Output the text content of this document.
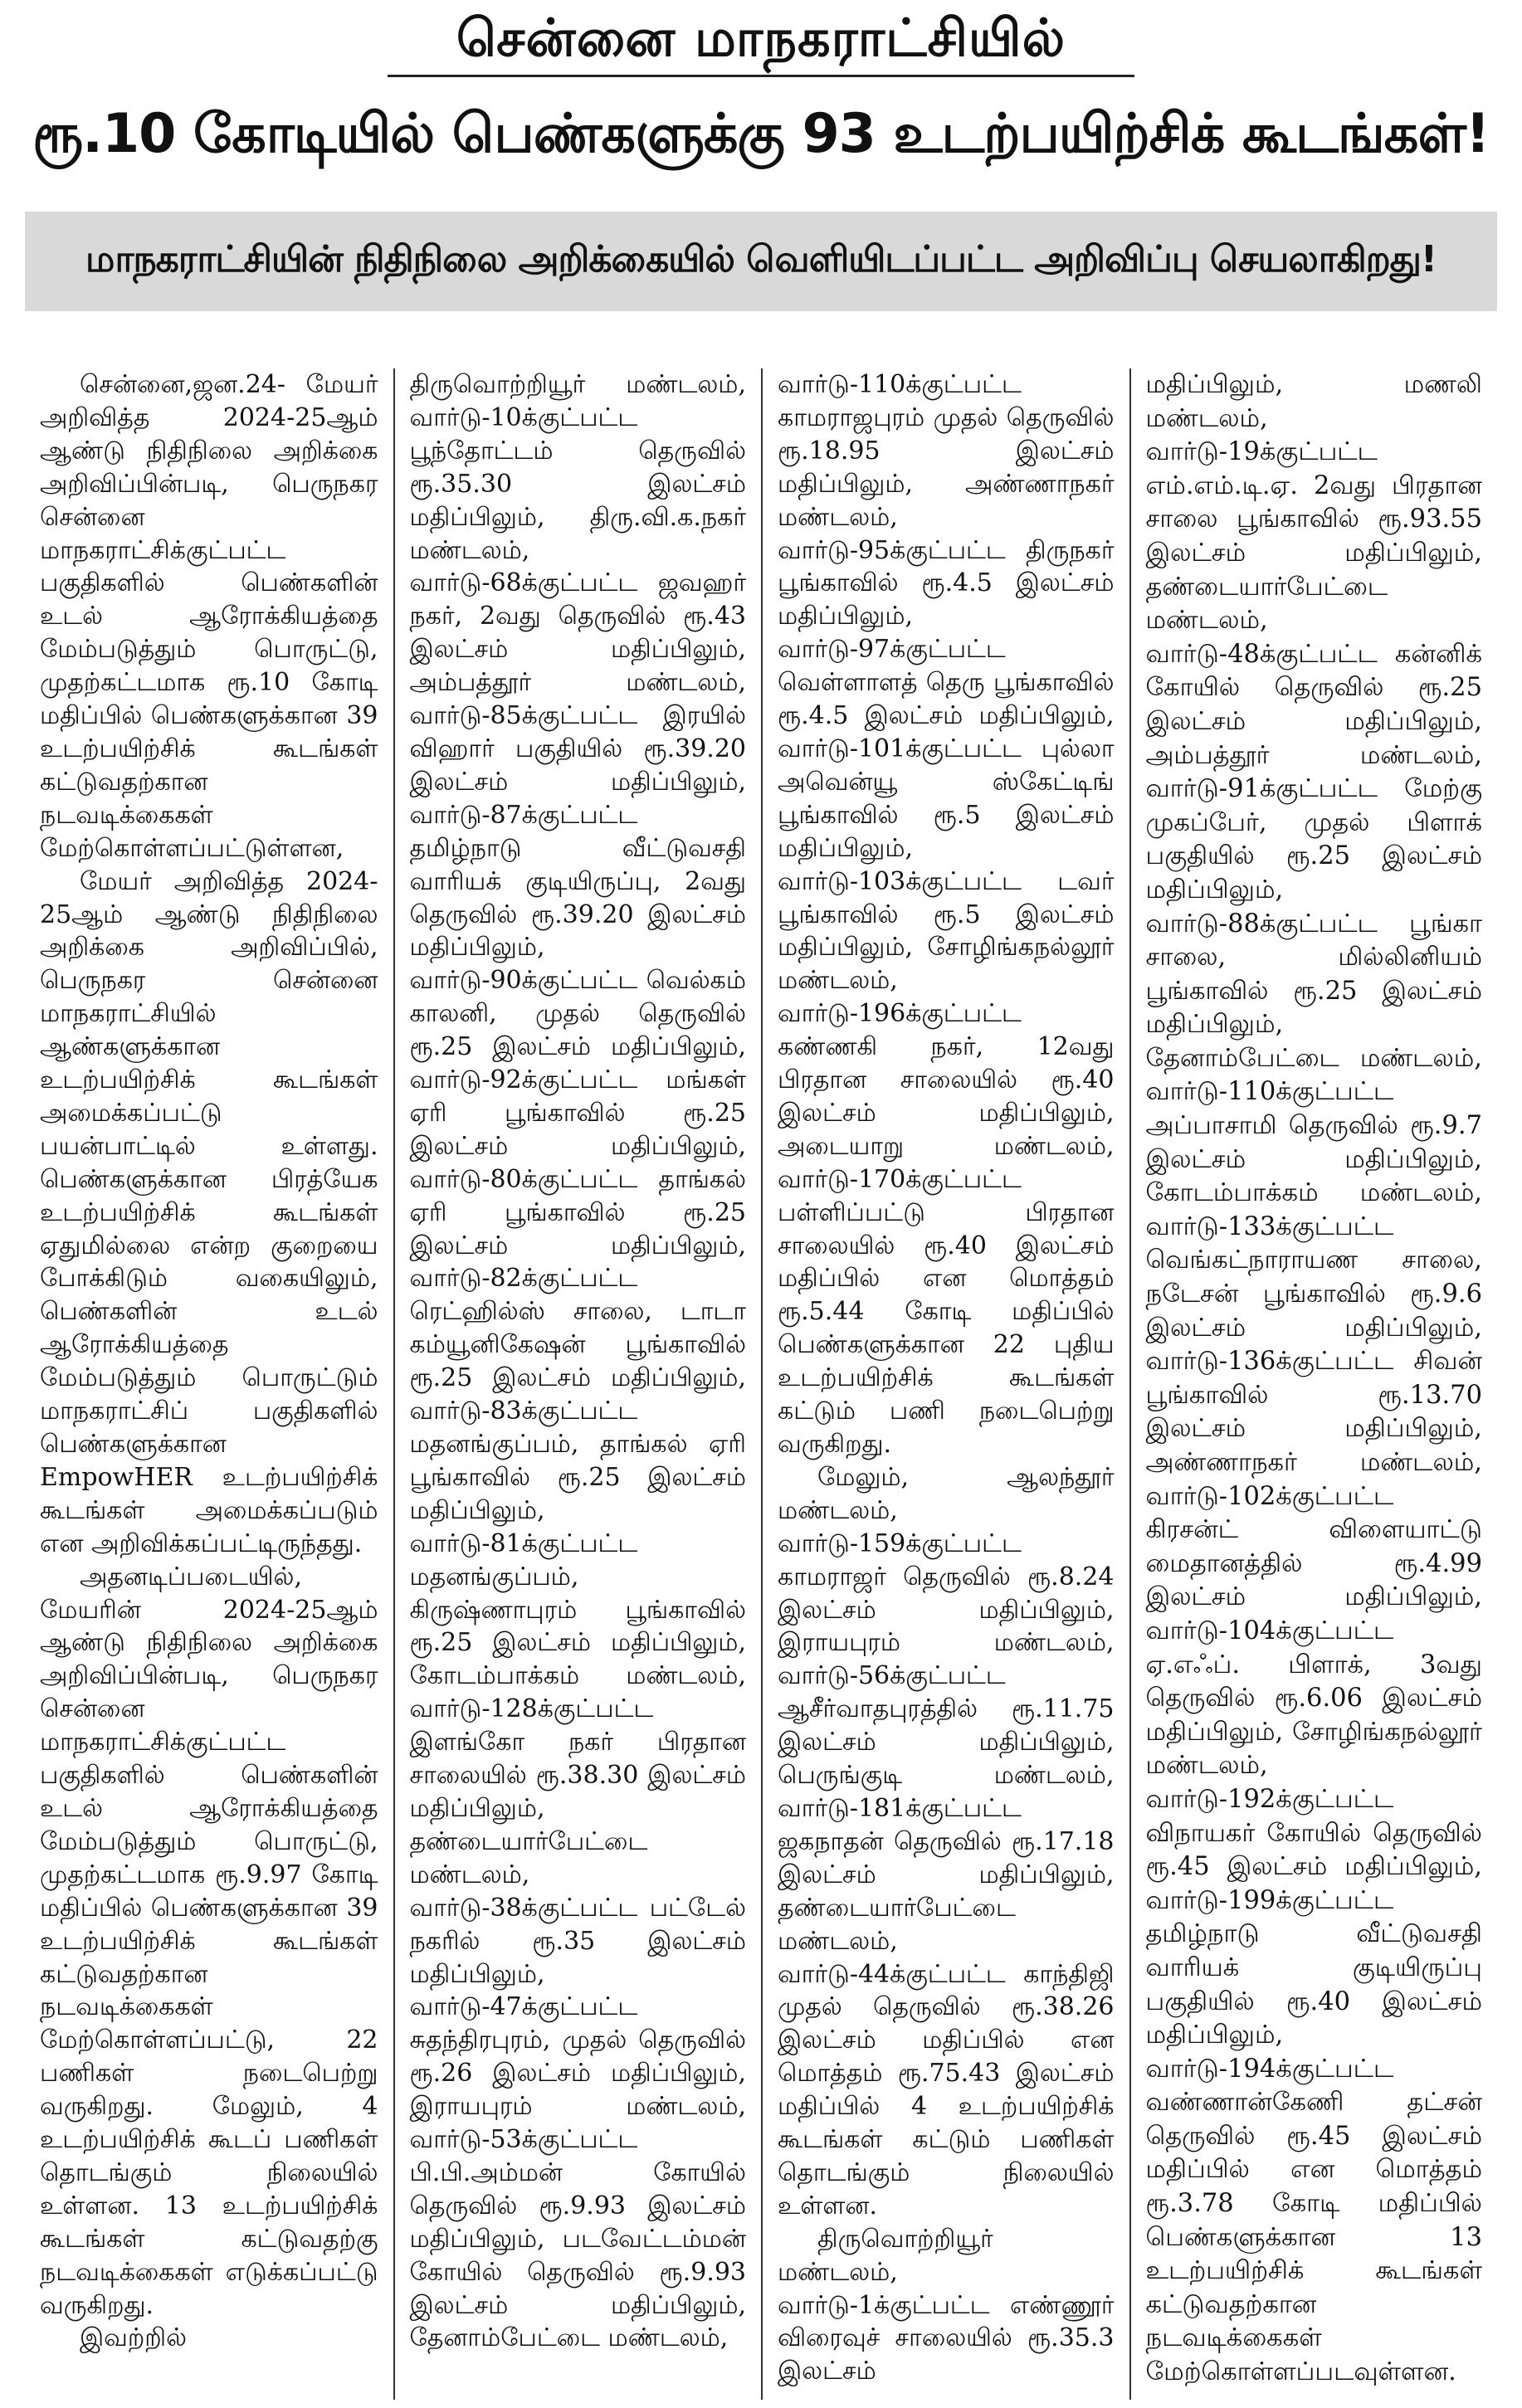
சென்னை மாநகராட்சியில்
ரூ.10 கோடியில் பெண்களுக்கு 93 உடற்பயிற்சிக் கூடங்கள்!
மாநகராட்சியின் நிதிநிலை அறிக்கையில் வெளியிடப்பட்ட அறிவிப்பு செயலாகிறது!

சென்னை,ஜன.24- மேயர் அறிவித்த 2024-25ஆம் ஆண்டு நிதிநிலை அறிக்கை அறிவிப்பின்படி, பெருநகர சென்னை மாநகராட்சிக்குட்பட்ட பகுதிகளில் பெண்களின் உடல் ஆரோக்கியத்தை மேம்படுத்தும் பொருட்டு, முதற்கட்டமாக ரூ.10 கோடி மதிப்பில் பெண்களுக்கான 39 உடற்பயிற்சிக் கூடங்கள் கட்டுவதற்கான நடவடிக்கைகள் மேற்கொள்ளப்பட்டுள்ளன,

மேயர் அறிவித்த 2024-25ஆம் ஆண்டு நிதிநிலை அறிக்கை அறிவிப்பில், பெருநகர சென்னை மாநகராட்சியில் ஆண்களுக்கான உடற்பயிற்சிக் கூடங்கள் அமைக்கப்பட்டு பயன்பாட்டில் உள்ளது. பெண்களுக்கான பிரத்யேக உடற்பயிற்சிக் கூடங்கள் ஏதுமில்லை என்ற குறையை போக்கிடும் வகையிலும், பெண்களின் உடல் ஆரோக்கியத்தை மேம்படுத்தும் பொருட்டும் மாநகராட்சிப் பகுதிகளில் பெண்களுக்கான EmpowHER உடற்பயிற்சிக் கூடங்கள் அமைக்கப்படும் என அறிவிக்கப்பட்டிருந்தது.

அதனடிப்படையில், மேயரின் 2024-25ஆம் ஆண்டு நிதிநிலை அறிக்கை அறிவிப்பின்படி, பெருநகர சென்னை மாநகராட்சிக்குட்பட்ட பகுதிகளில் பெண்களின் உடல் ஆரோக்கியத்தை மேம்படுத்தும் பொருட்டு, முதற்கட்டமாக ரூ.9.97 கோடி மதிப்பில் பெண்களுக்கான 39 உடற்பயிற்சிக் கூடங்கள் கட்டுவதற்கான நடவடிக்கைகள் மேற்கொள்ளப்பட்டு, 22 பணிகள் நடைபெற்று வருகிறது. மேலும், 4 உடற்பயிற்சிக் கூடப் பணிகள் தொடங்கும் நிலையில் உள்ளன. 13 உடற்பயிற்சிக் கூடங்கள் கட்டுவதற்கு நடவடிக்கைகள் எடுக்கப்பட்டு வருகிறது.

இவற்றில்

திருவொற்றியூர் மண்டலம், வார்டு-10க்குட்பட்ட பூந்தோட்டம் தெருவில் ரூ.35.30 இலட்சம் மதிப்பிலும், திரு.வி.க.நகர் மண்டலம், வார்டு-68க்குட்பட்ட ஜவஹர் நகர், 2வது தெருவில் ரூ.43 இலட்சம் மதிப்பிலும், அம்பத்தூர் மண்டலம், வார்டு-85க்குட்பட்ட இரயில் விஹார் பகுதியில் ரூ.39.20 இலட்சம் மதிப்பிலும், வார்டு-87க்குட்பட்ட தமிழ்நாடு வீட்டுவசதி வாரியக் குடியிருப்பு, 2வது தெருவில் ரூ.39.20 இலட்சம் மதிப்பிலும், வார்டு-90க்குட்பட்ட வெல்கம் காலனி, முதல் தெருவில் ரூ.25 இலட்சம் மதிப்பிலும், வார்டு-92க்குட்பட்ட மங்கள் ஏரி பூங்காவில் ரூ.25 இலட்சம் மதிப்பிலும், வார்டு-80க்குட்பட்ட தாங்கல் ஏரி பூங்காவில் ரூ.25 இலட்சம் மதிப்பிலும், வார்டு-82க்குட்பட்ட ரெட்ஹில்ஸ் சாலை, டாடா கம்யூனிகேஷன் பூங்காவில் ரூ.25 இலட்சம் மதிப்பிலும், வார்டு-83க்குட்பட்ட மதனங்குப்பம், தாங்கல் ஏரி பூங்காவில் ரூ.25 இலட்சம் மதிப்பிலும், வார்டு-81க்குட்பட்ட மதனங்குப்பம், கிருஷ்ணாபுரம் பூங்காவில் ரூ.25 இலட்சம் மதிப்பிலும், கோடம்பாக்கம் மண்டலம், வார்டு-128க்குட்பட்ட இளங்கோ நகர் பிரதான சாலையில் ரூ.38.30 இலட்சம் மதிப்பிலும், தண்டையார்பேட்டை மண்டலம், வார்டு-38க்குட்பட்ட பட்டேல் நகரில் ரூ.35 இலட்சம் மதிப்பிலும், வார்டு-47க்குட்பட்ட சுதந்திரபுரம், முதல் தெருவில் ரூ.26 இலட்சம் மதிப்பிலும், இராயபுரம் மண்டலம், வார்டு-53க்குட்பட்ட பி.பி.அம்மன் கோயில் தெருவில் ரூ.9.93 இலட்சம் மதிப்பிலும், படவேட்டம்மன் கோயில் தெருவில் ரூ.9.93 இலட்சம் மதிப்பிலும், தேனாம்பேட்டை மண்டலம்,

வார்டு-110க்குட்பட்ட காமராஜபுரம் முதல் தெருவில் ரூ.18.95 இலட்சம் மதிப்பிலும், அண்ணாநகர் மண்டலம், வார்டு-95க்குட்பட்ட திருநகர் பூங்காவில் ரூ.4.5 இலட்சம் மதிப்பிலும், வார்டு-97க்குட்பட்ட வெள்ளாளத் தெரு பூங்காவில் ரூ.4.5 இலட்சம் மதிப்பிலும், வார்டு-101க்குட்பட்ட புல்லா அவென்யூ ஸ்கேட்டிங் பூங்காவில் ரூ.5 இலட்சம் மதிப்பிலும், வார்டு-103க்குட்பட்ட டவர் பூங்காவில் ரூ.5 இலட்சம் மதிப்பிலும், சோழிங்கநல்லூர் மண்டலம், வார்டு-196க்குட்பட்ட கண்ணகி நகர், 12வது பிரதான சாலையில் ரூ.40 இலட்சம் மதிப்பிலும், அடையாறு மண்டலம், வார்டு-170க்குட்பட்ட பள்ளிப்பட்டு பிரதான சாலையில் ரூ.40 இலட்சம் மதிப்பில் என மொத்தம் ரூ.5.44 கோடி மதிப்பில் பெண்களுக்கான 22 புதிய உடற்பயிற்சிக் கூடங்கள் கட்டும் பணி நடைபெற்று வருகிறது.

மேலும், ஆலந்தூர் மண்டலம், வார்டு-159க்குட்பட்ட காமராஜர் தெருவில் ரூ.8.24 இலட்சம் மதிப்பிலும், இராயபுரம் மண்டலம், வார்டு-56க்குட்பட்ட ஆசீர்வாதபுரத்தில் ரூ.11.75 இலட்சம் மதிப்பிலும், பெருங்குடி மண்டலம், வார்டு-181க்குட்பட்ட ஜகநாதன் தெருவில் ரூ.17.18 இலட்சம் மதிப்பிலும், தண்டையார்பேட்டை மண்டலம், வார்டு-44க்குட்பட்ட காந்திஜி முதல் தெருவில் ரூ.38.26 இலட்சம் மதிப்பில் என மொத்தம் ரூ.75.43 இலட்சம் மதிப்பில் 4 உடற்பயிற்சிக் கூடங்கள் கட்டும் பணிகள் தொடங்கும் நிலையில் உள்ளன.

திருவொற்றியூர் மண்டலம், வார்டு-1க்குட்பட்ட எண்ணூர் விரைவுச் சாலையில் ரூ.35.3 இலட்சம்

மதிப்பிலும், மணலி மண்டலம், வார்டு-19க்குட்பட்ட எம்.எம்.டி.ஏ. 2வது பிரதான சாலை பூங்காவில் ரூ.93.55 இலட்சம் மதிப்பிலும், தண்டையார்பேட்டை மண்டலம், வார்டு-48க்குட்பட்ட கன்னிக் கோயில் தெருவில் ரூ.25 இலட்சம் மதிப்பிலும், அம்பத்தூர் மண்டலம், வார்டு-91க்குட்பட்ட மேற்கு முகப்பேர், முதல் பிளாக் பகுதியில் ரூ.25 இலட்சம் மதிப்பிலும், வார்டு-88க்குட்பட்ட பூங்கா சாலை, மில்லினியம் பூங்காவில் ரூ.25 இலட்சம் மதிப்பிலும், தேனாம்பேட்டை மண்டலம், வார்டு-110க்குட்பட்ட அப்பாசாமி தெருவில் ரூ.9.7 இலட்சம் மதிப்பிலும், கோடம்பாக்கம் மண்டலம், வார்டு-133க்குட்பட்ட வெங்கட்நாராயண சாலை, நடேசன் பூங்காவில் ரூ.9.6 இலட்சம் மதிப்பிலும், வார்டு-136க்குட்பட்ட சிவன் பூங்காவில் ரூ.13.70 இலட்சம் மதிப்பிலும், அண்ணாநகர் மண்டலம், வார்டு-102க்குட்பட்ட கிரசன்ட் விளையாட்டு மைதானத்தில் ரூ.4.99 இலட்சம் மதிப்பிலும், வார்டு-104க்குட்பட்ட ஏ.எஃப். பிளாக், 3வது தெருவில் ரூ.6.06 இலட்சம் மதிப்பிலும், சோழிங்கநல்லூர் மண்டலம், வார்டு-192க்குட்பட்ட விநாயகர் கோயில் தெருவில் ரூ.45 இலட்சம் மதிப்பிலும், வார்டு-199க்குட்பட்ட தமிழ்நாடு வீட்டுவசதி வாரியக் குடியிருப்பு பகுதியில் ரூ.40 இலட்சம் மதிப்பிலும், வார்டு-194க்குட்பட்ட வண்ணான்கேணி தட்சன் தெருவில் ரூ.45 இலட்சம் மதிப்பில் என மொத்தம் ரூ.3.78 கோடி மதிப்பில் பெண்களுக்கான 13 உடற்பயிற்சிக் கூடங்கள் கட்டுவதற்கான நடவடிக்கைகள் மேற்கொள்ளப்படவுள்ளன.
